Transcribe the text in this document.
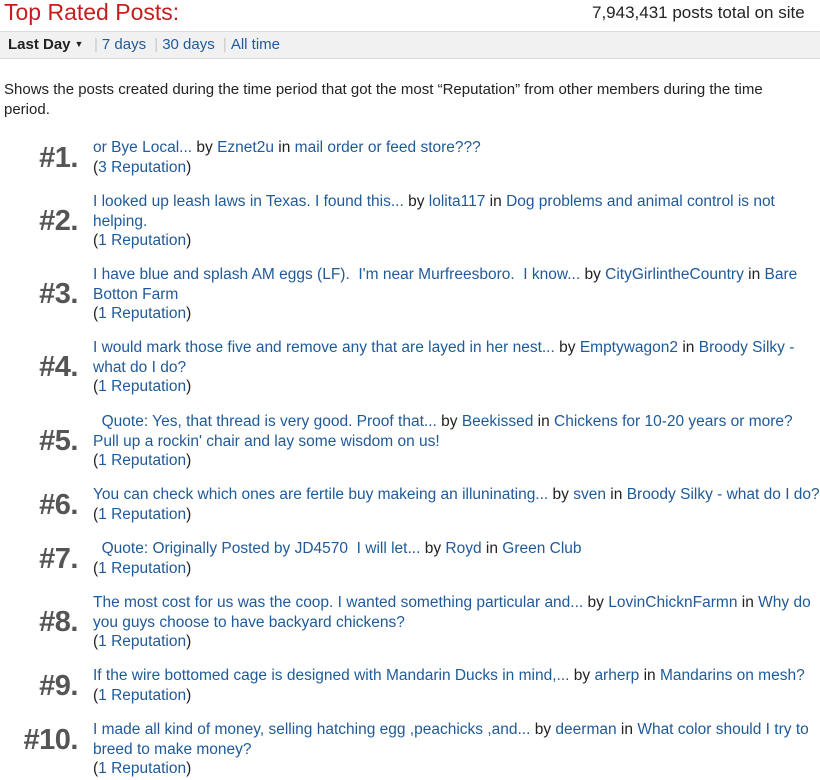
Top Rated Posts:	7,943,431 posts total on site
Last Day ▼ | 7 days | 30 days | All time
Shows the posts created during the time period that got the most “Reputation” from other members during the time period.
#1. or Bye Local... by Eznet2u in mail order or feed store???
(3 Reputation)
#2.
I looked up leash laws in Texas. I found this... by lolita117 in Dog problems and animal control is not helping.
(1 Reputation)
#3.
I have blue and splash AM eggs (LF).  I'm near Murfreesboro.  I know... by CityGirlintheCountry in Bare Botton Farm
(1 Reputation)
#4.
I would mark those five and remove any that are layed in her nest... by Emptywagon2 in Broody Silky - what do I do?
(1 Reputation)
#5.
Quote: Yes, that thread is very good. Proof that... by Beekissed in Chickens for 10-20 years or more? Pull up a rockin' chair and lay some wisdom on us!
(1 Reputation)
#6. You can check which ones are fertile buy makeing an illuninating... by sven in Broody Silky - what do I do?
(1 Reputation)
#7. Quote: Originally Posted by JD4570  I will let... by Royd in Green Club
(1 Reputation)
#8.
The most cost for us was the coop. I wanted something particular and... by LovinChicknFarmn in Why do you guys choose to have backyard chickens?
(1 Reputation)
#9. If the wire bottomed cage is designed with Mandarin Ducks in mind,... by arherp in Mandarins on mesh?
(1 Reputation)
#10. I made all kind of money, selling hatching egg ,peachicks ,and... by deerman in What color should I try to breed to make money?
(1 Reputation)
